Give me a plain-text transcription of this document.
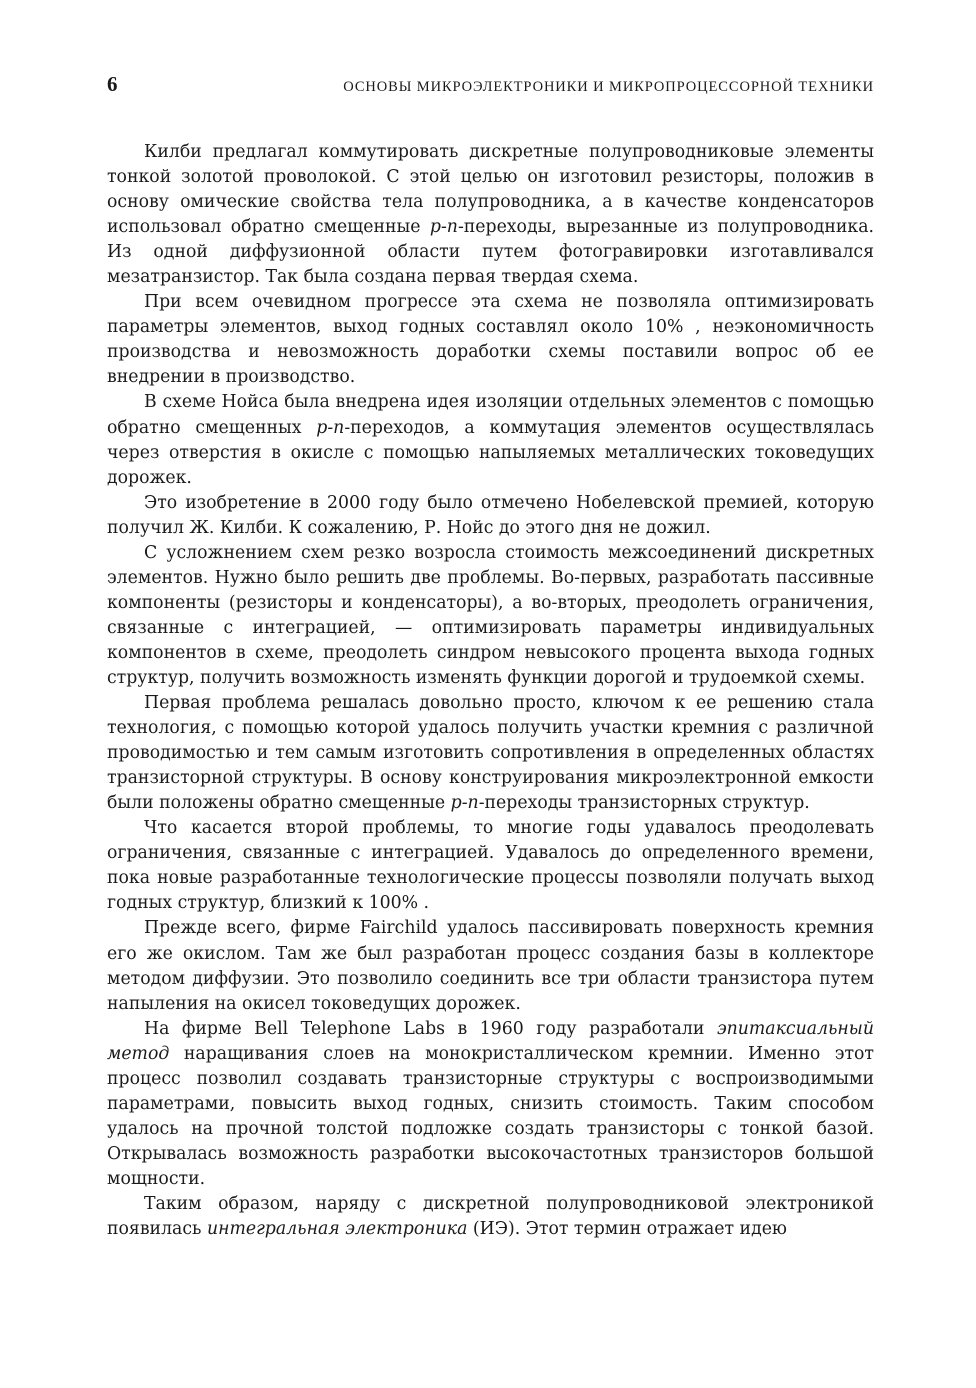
6	ОСНОВЫ МИКРОЭЛЕКТРОНИКИ И МИКРОПРОЦЕССОРНОЙ ТЕХНИКИ

Килби предлагал коммутировать дискретные полупроводниковые элементы тонкой золотой проволокой. С этой целью он изготовил резисторы, положив в основу омические свойства тела полупроводника, а в качестве конденсаторов использовал обратно смещенные p-n-переходы, вырезанные из полупроводника. Из одной диффузионной области путем фотогравировки изготавливался мезатранзистор. Так была создана первая твердая схема.

При всем очевидном прогрессе эта схема не позволяла оптимизировать параметры элементов, выход годных составлял около 10% , неэкономичность производства и невозможность доработки схемы поставили вопрос об ее внедрении в производство.

В схеме Нойса была внедрена идея изоляции отдельных элементов с помощью обратно смещенных p-n-переходов, а коммутация элементов осуществлялась через отверстия в окисле с помощью напыляемых металлических токоведущих дорожек.

Это изобретение в 2000 году было отмечено Нобелевской премией, которую получил Ж. Килби. К сожалению, Р. Нойс до этого дня не дожил.

С усложнением схем резко возросла стоимость межсоединений дискретных элементов. Нужно было решить две проблемы. Во-первых, разработать пассивные компоненты (резисторы и конденсаторы), а во-вторых, преодолеть ограничения, связанные с интеграцией, — оптимизировать параметры индивидуальных компонентов в схеме, преодолеть синдром невысокого процента выхода годных структур, получить возможность изменять функции дорогой и трудоемкой схемы.

Первая проблема решалась довольно просто, ключом к ее решению стала технология, с помощью которой удалось получить участки кремния с различной проводимостью и тем самым изготовить сопротивления в определенных областях транзисторной структуры. В основу конструирования микроэлектронной емкости были положены обратно смещенные p-n-переходы транзисторных структур.

Что касается второй проблемы, то многие годы удавалось преодолевать ограничения, связанные с интеграцией. Удавалось до определенного времени, пока новые разработанные технологические процессы позволяли получать выход годных структур, близкий к 100% .

Прежде всего, фирме Fairchild удалось пассивировать поверхность кремния его же окислом. Там же был разработан процесс создания базы в коллекторе методом диффузии. Это позволило соединить все три области транзистора путем напыления на окисел токоведущих дорожек.

На фирме Bell Telephone Labs в 1960 году разработали эпитаксиальный метод наращивания слоев на монокристаллическом кремнии. Именно этот процесс позволил создавать транзисторные структуры с воспроизводимыми параметрами, повысить выход годных, снизить стоимость. Таким способом удалось на прочной толстой подложке создать транзисторы с тонкой базой. Открывалась возможность разработки высокочастотных транзисторов большой мощности.

Таким образом, наряду с дискретной полупроводниковой электроникой появилась интегральная электроника (ИЭ). Этот термин отражает идею
